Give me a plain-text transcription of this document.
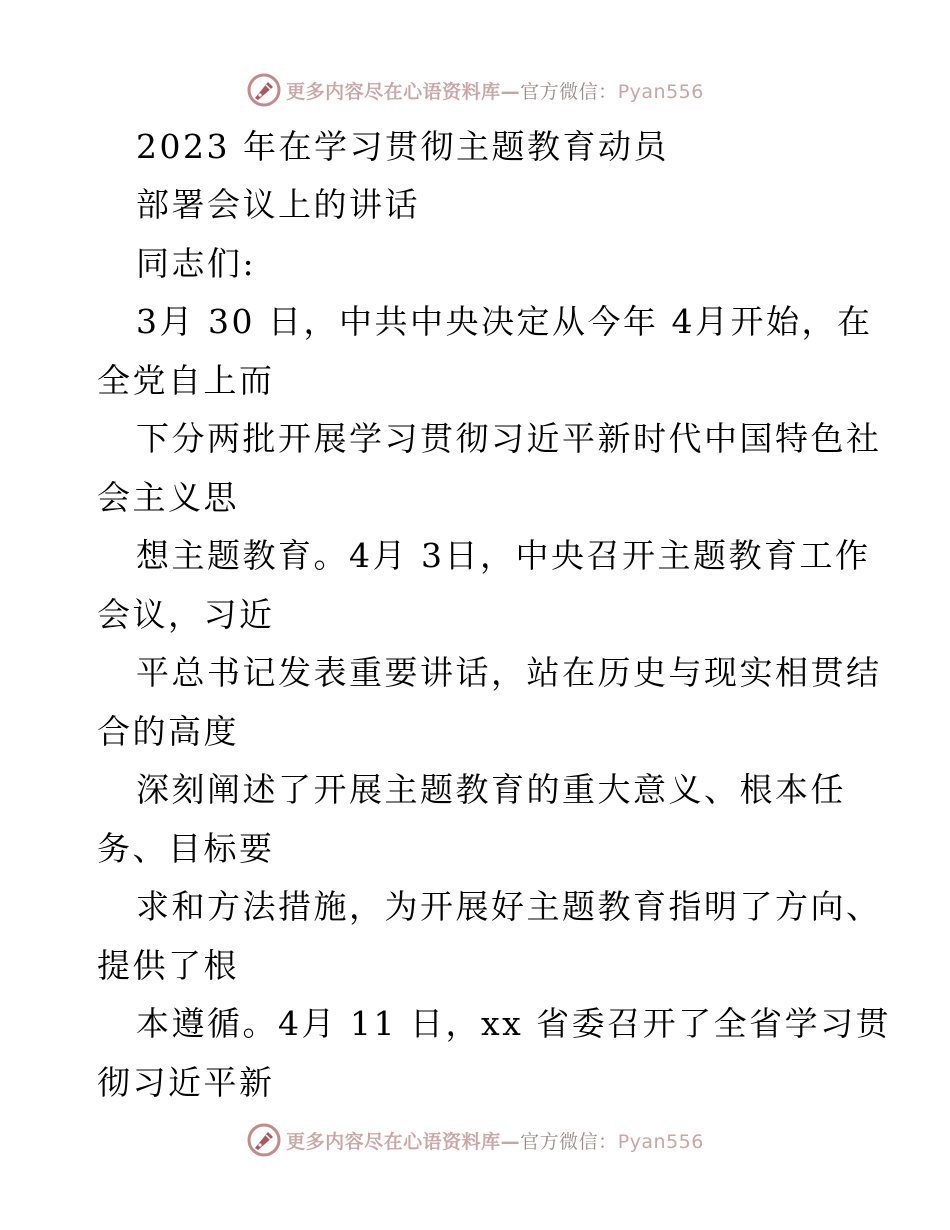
更多内容尽在心语资料库—官方微信：Pyan556
2023 年在学习贯彻主题教育动员
部署会议上的讲话
同志们:
3月 30 日，中共中央决定从今年 4月开始，在
全党自上而
下分两批开展学习贯彻习近平新时代中国特色社
会主义思
想主题教育。4月 3日，中央召开主题教育工作
会议，习近
平总书记发表重要讲话，站在历史与现实相贯结
合的高度
深刻阐述了开展主题教育的重大意义、根本任
务、目标要
求和方法措施，为开展好主题教育指明了方向、
提供了根
本遵循。4月 11 日，xx 省委召开了全省学习贯
彻习近平新
更多内容尽在心语资料库—官方微信：Pyan556
